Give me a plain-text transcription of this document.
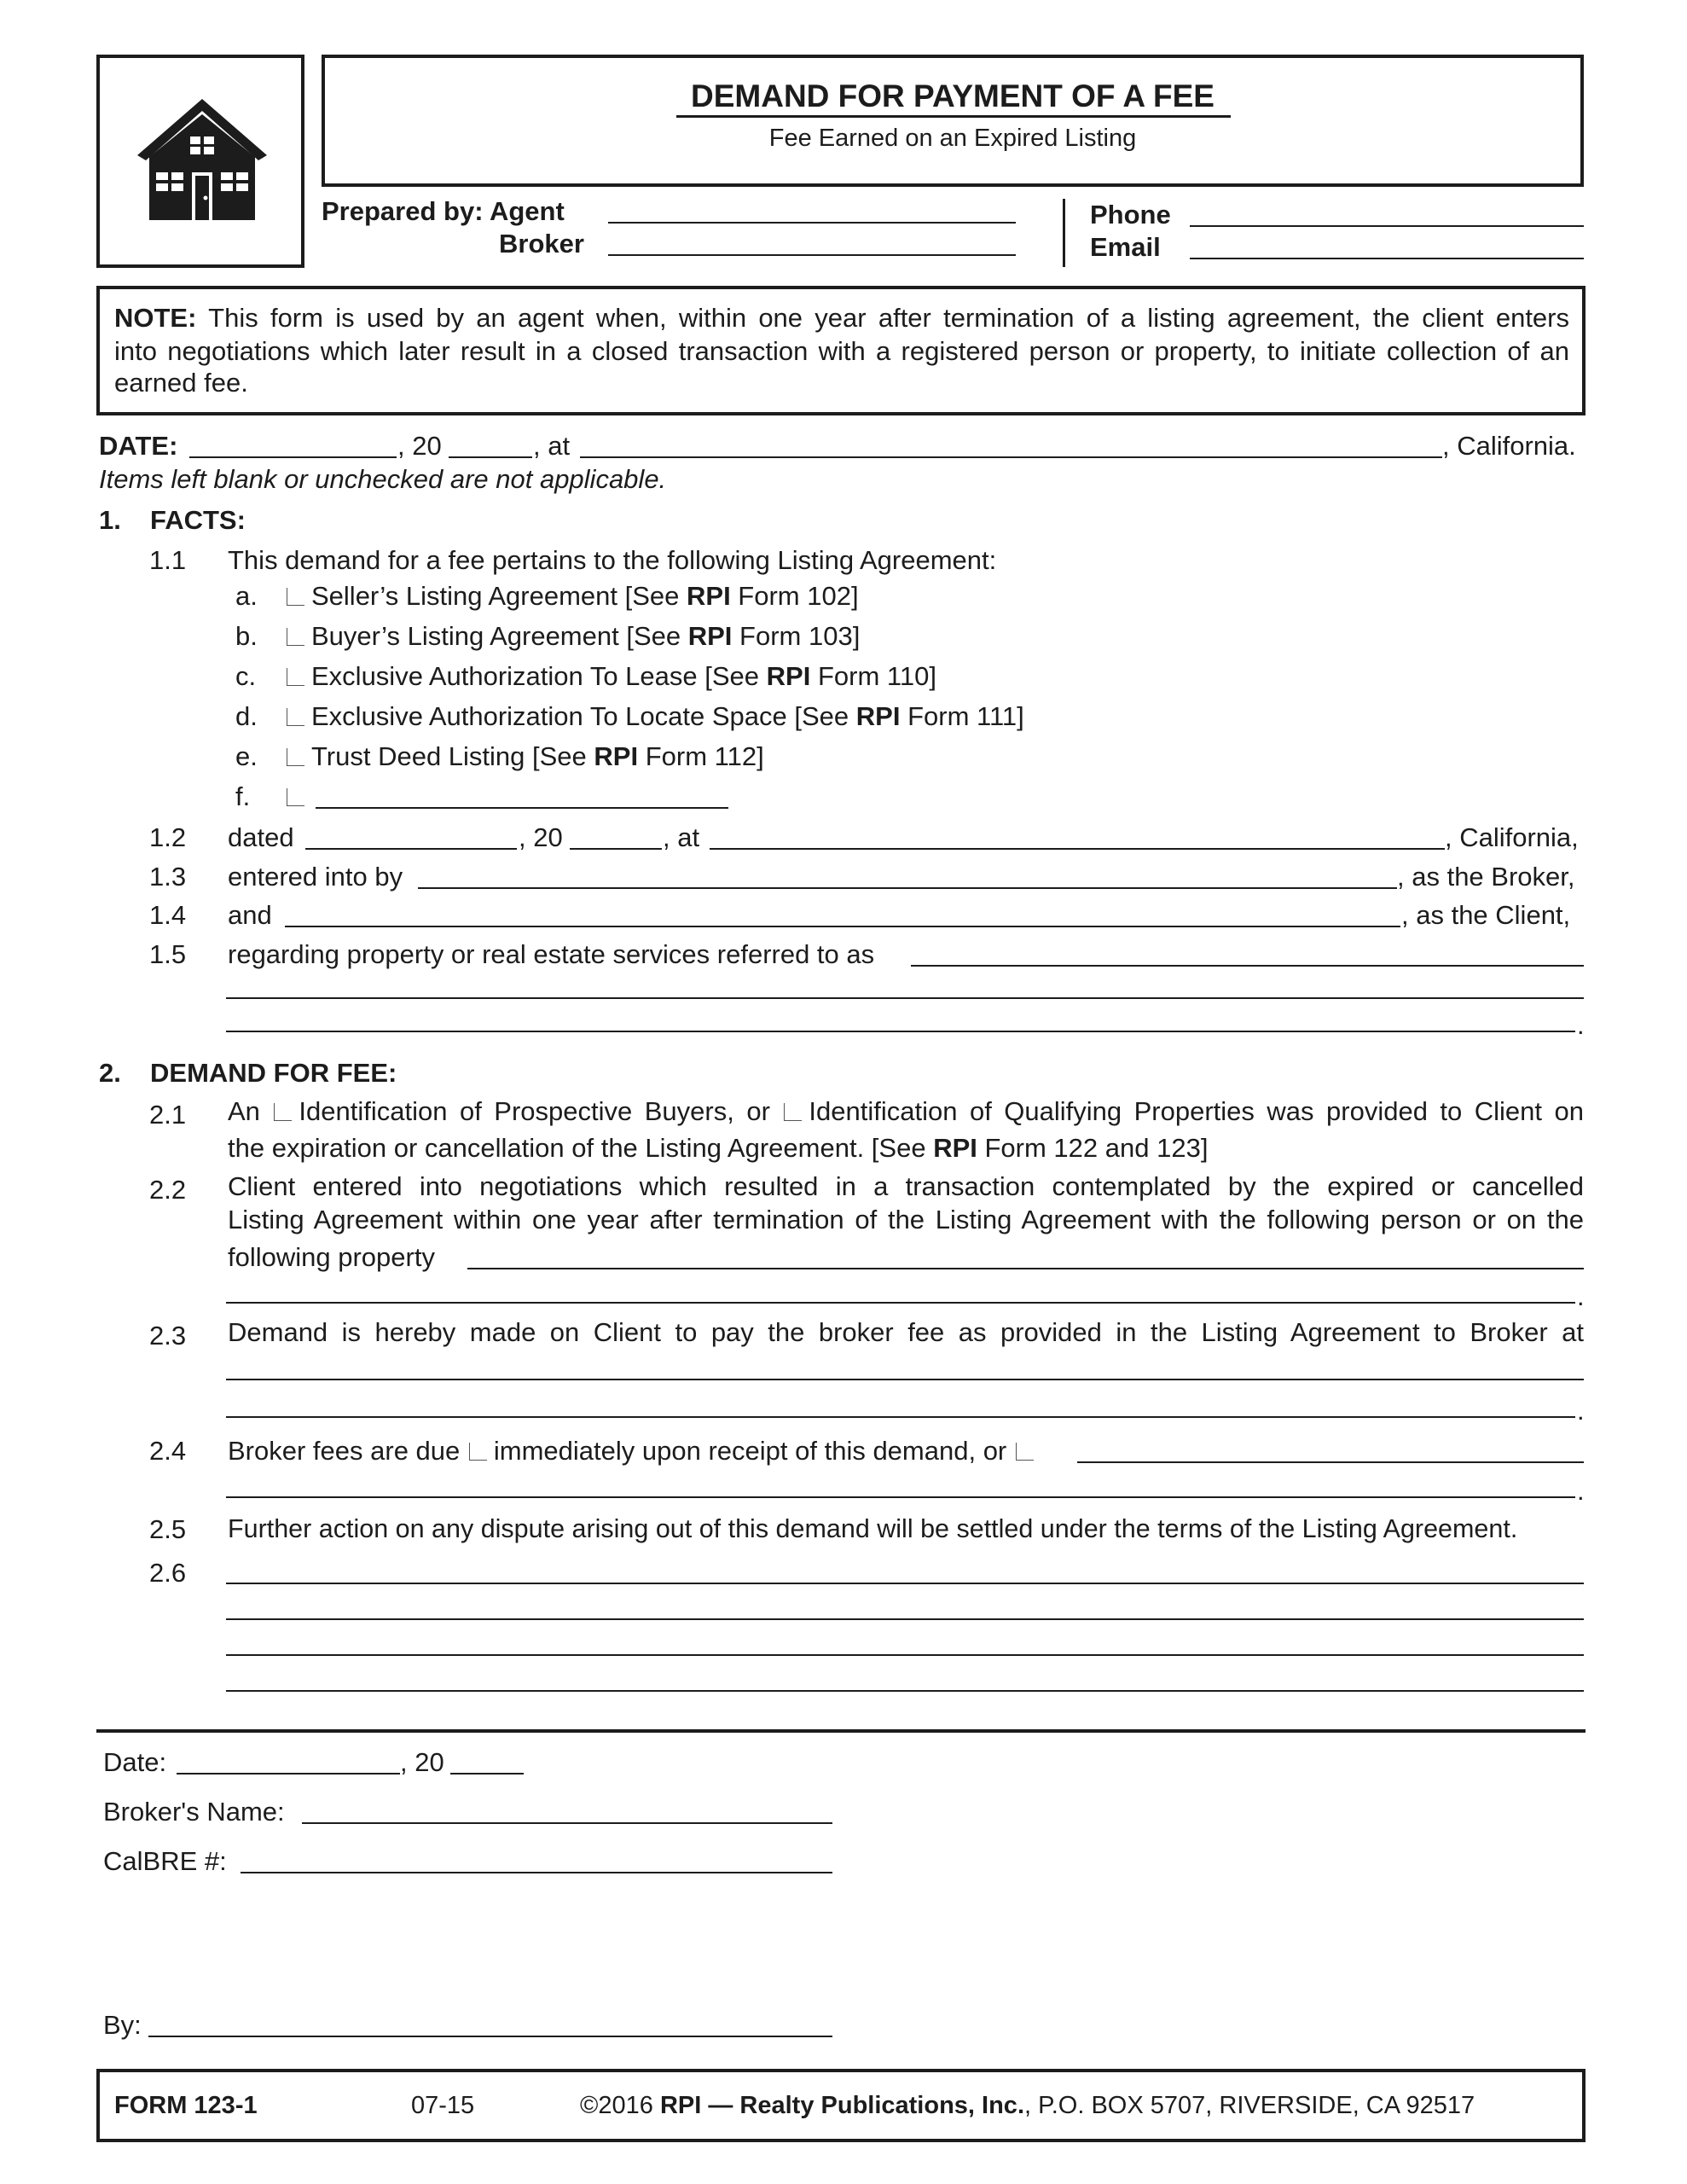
DEMAND FOR PAYMENT OF A FEE
Fee Earned on an Expired Listing
Prepared by: Agent
Broker
Phone
Email
NOTE: This form is used by an agent when, within one year after termination of a listing agreement, the client enters
into negotiations which later result in a closed transaction with a registered person or property, to initiate collection of an
earned fee.
DATE:	, 20	, at	, California.
Items left blank or unchecked are not applicable.
1. FACTS:
1.1 This demand for a fee pertains to the following Listing Agreement:
a. Seller’s Listing Agreement [See RPI Form 102]
b. Buyer’s Listing Agreement [See RPI Form 103]
c. Exclusive Authorization To Lease [See RPI Form 110]
d. Exclusive Authorization To Locate Space [See RPI Form 111]
e. Trust Deed Listing [See RPI Form 112]
f.
1.2 dated	, 20	, at	, California,
1.3 entered into by	, as the Broker,
1.4 and	, as the Client,
1.5 regarding property or real estate services referred to as
.
2. DEMAND FOR FEE:
2.1 An Identification of Prospective Buyers, or Identification of Qualifying Properties was provided to Client on
the expiration or cancellation of the Listing Agreement. [See RPI Form 122 and 123]
2.2 Client entered into negotiations which resulted in a transaction contemplated by the expired or cancelled
Listing Agreement within one year after termination of the Listing Agreement with the following person or on the
following property
.
2.3 Demand is hereby made on Client to pay the broker fee as provided in the Listing Agreement to Broker at
.
2.4 Broker fees are due immediately upon receipt of this demand, or
.
2.5 Further action on any dispute arising out of this demand will be settled under the terms of the Listing Agreement.
2.6
Date:	, 20
Broker's Name:
CalBRE #:
By:
FORM 123-1	07-15	©2016 RPI — Realty Publications, Inc., P.O. BOX 5707, RIVERSIDE, CA 92517
